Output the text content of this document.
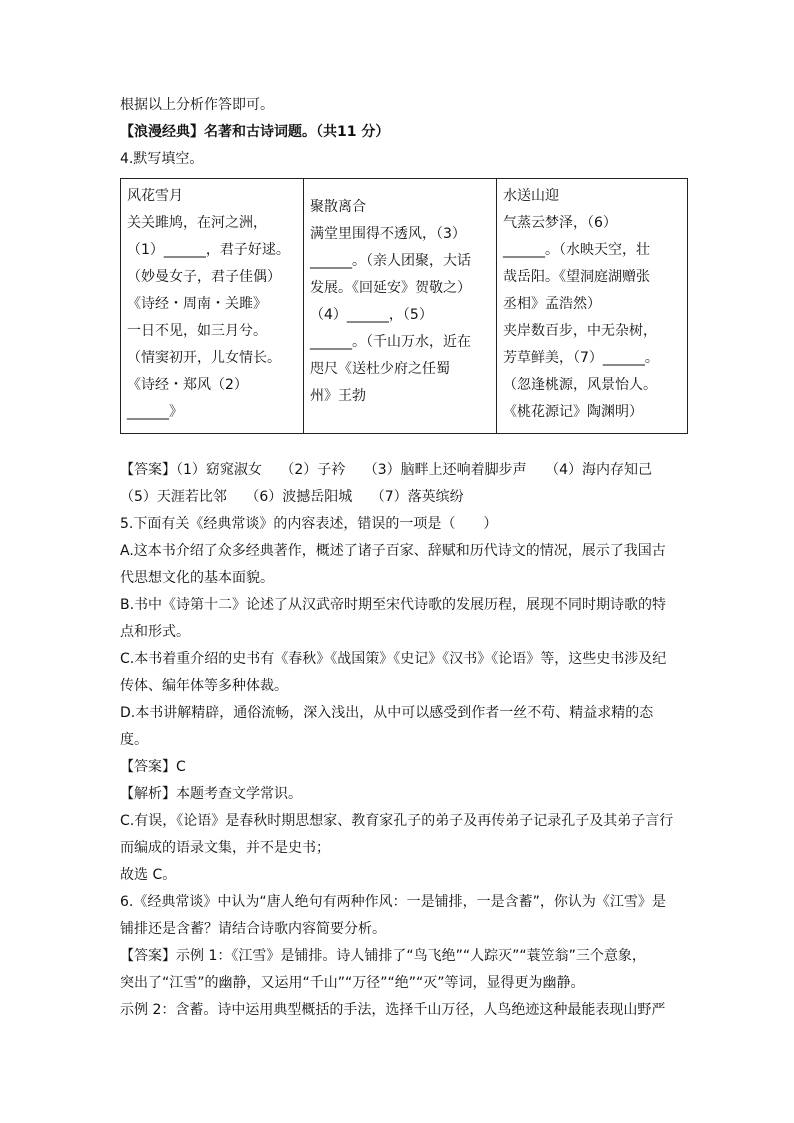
根据以上分析作答即可。
【浪漫经典】名著和古诗词题。（共11 分）
4.默写填空。
风花雪月
关关雎鸠，在河之洲，
（1）______，君子好逑。
（妙曼女子，君子佳偶）
《诗经・周南・关雎》
一日不见，如三月兮。
（情窦初开，儿女情长。
《诗经・郑风（2）
______》

聚散离合
满堂里围得不透风，（3）
______。（亲人团聚，大话
发展。《回延安》贺敬之）
（4）______，（5）
______。（千山万水，近在
咫尺《送杜少府之任蜀
州》王勃

水送山迎
气蒸云梦泽，（6）
______。（水映天空，壮
哉岳阳。《望洞庭湖赠张
丞相》孟浩然）
夹岸数百步，中无杂树，
芳草鲜美，（7）______。
（忽逢桃源，风景怡人。
《桃花源记》陶渊明）
【答案】（1）窈窕淑女　 （2）子衿　 （3）脑畔上还响着脚步声　 （4）海内存知己
（5）天涯若比邻　 （6）波撼岳阳城　 （7）落英缤纷
5.下面有关《经典常谈》的内容表述，错误的一项是（　　）
A.这本书介绍了众多经典著作，概述了诸子百家、辞赋和历代诗文的情况，展示了我国古
代思想文化的基本面貌。
B.书中《诗第十二》论述了从汉武帝时期至宋代诗歌的发展历程，展现不同时期诗歌的特
点和形式。
C.本书着重介绍的史书有《春秋》《战国策》《史记》《汉书》《论语》等，这些史书涉及纪
传体、编年体等多种体裁。
D.本书讲解精辟，通俗流畅，深入浅出，从中可以感受到作者一丝不苟、精益求精的态
度。
【答案】C
【解析】本题考查文学常识。
C.有误，《论语》是春秋时期思想家、教育家孔子的弟子及再传弟子记录孔子及其弟子言行
而编成的语录文集，并不是史书；
故选 C。
6.《经典常谈》中认为“唐人绝句有两种作风：一是铺排，一是含蓄”，你认为《江雪》是
铺排还是含蓄？请结合诗歌内容简要分析。
【答案】示例 1：《江雪》是铺排。诗人铺排了“鸟飞绝”“人踪灭”“蓑笠翁”三个意象，
突出了“江雪”的幽静，又运用“千山”“万径”“绝”“灭”等词，显得更为幽静。
示例 2：含蓄。诗中运用典型概括的手法，选择千山万径，人鸟绝迹这种最能表现山野严
